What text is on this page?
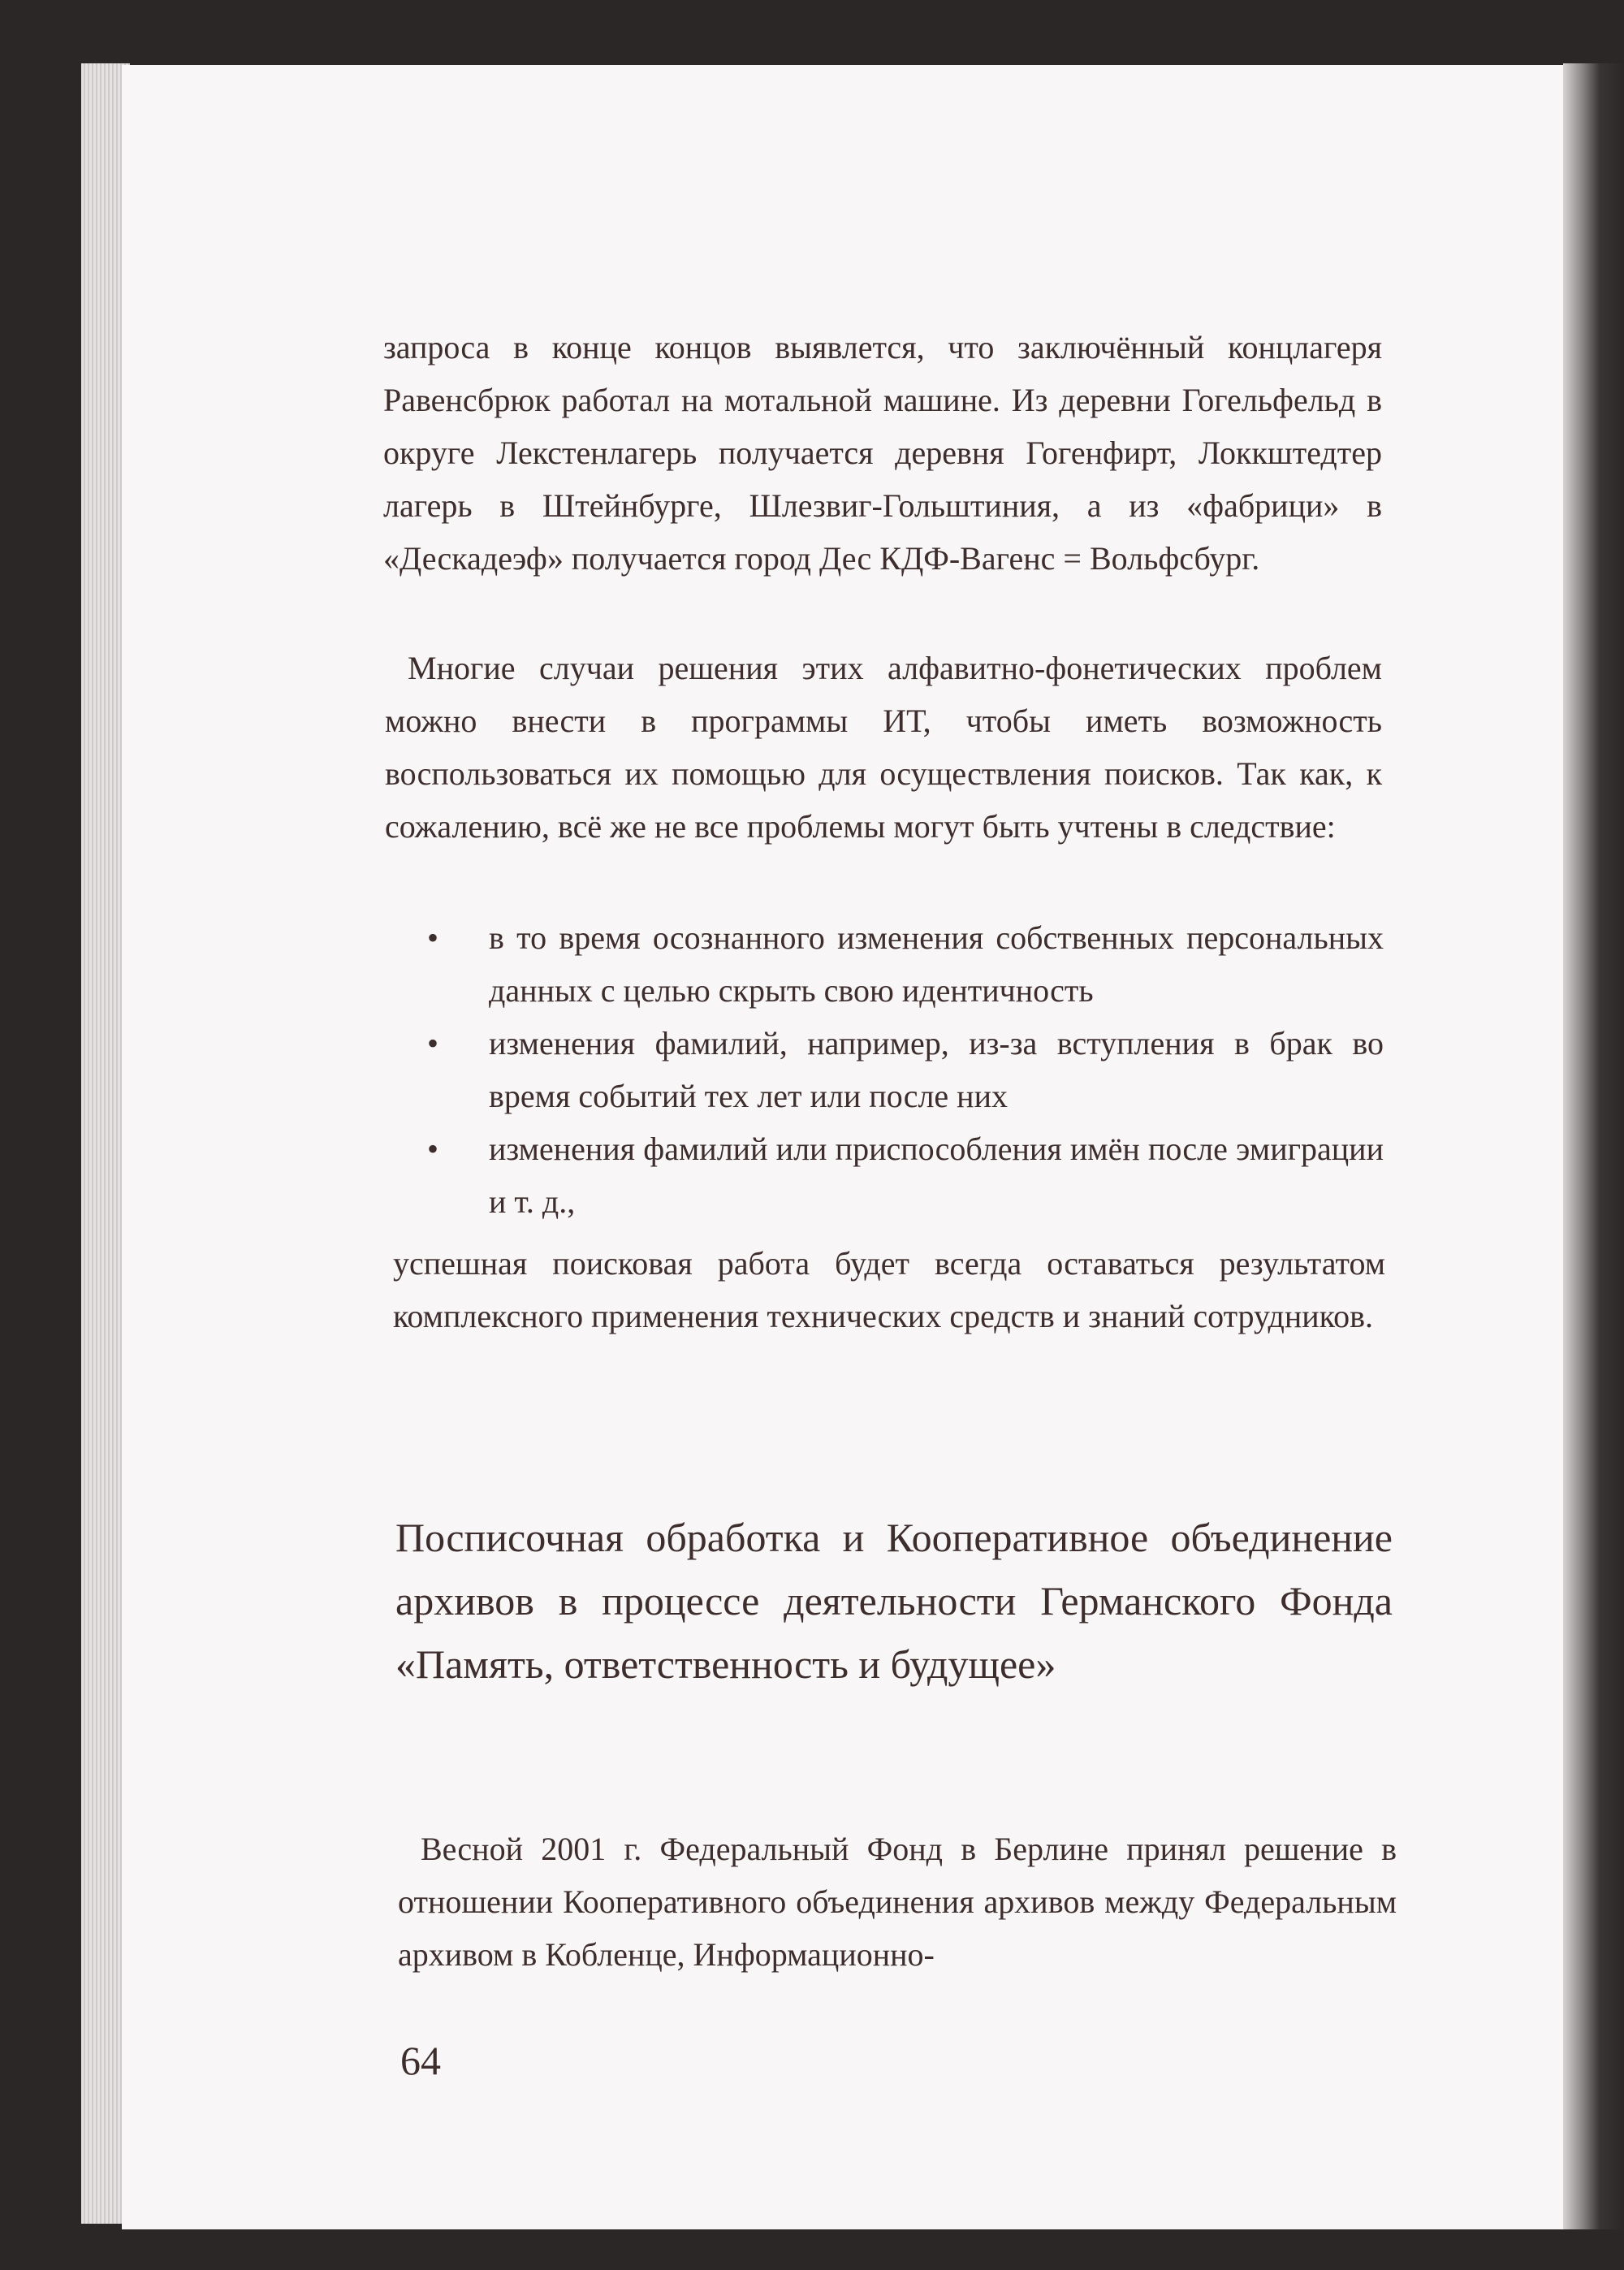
запроса в конце концов выявлется, что заключённый концлагеря Равенсбрюк работал на мотальной машине. Из деревни Гогельфельд в округе Лекстенлагерь получается деревня Гогенфирт, Локкштедтер лагерь в Штейнбурге, Шлезвиг-Гольштиния, а из «фабрици» в «Дескадеэф» получается город Дес КДФ-Вагенс = Вольфсбург.

Многие случаи решения этих алфавитно-фонетических проблем можно внести в программы ИТ, чтобы иметь возможность воспользоваться их помощью для осуществления поисков. Так как, к сожалению, всё же не все проблемы могут быть учтены в следствие:

• в то время осознанного изменения собственных персональных данных с целью скрыть свою идентичность
• изменения фамилий, например, из-за вступления в брак во время событий тех лет или после них
• изменения фамилий или приспособления имён после эмиграции и т. д.,

успешная поисковая работа будет всегда оставаться результатом комплексного применения технических средств и знаний сотрудников.

Посписочная обработка и Кооперативное объединение архивов в процессе деятельности Германского Фонда «Память, ответственность и будущее»

Весной 2001 г. Федеральный Фонд в Берлине принял решение в отношении Кооперативного объединения архивов между Федеральным архивом в Кобленце, Информационно-

64
